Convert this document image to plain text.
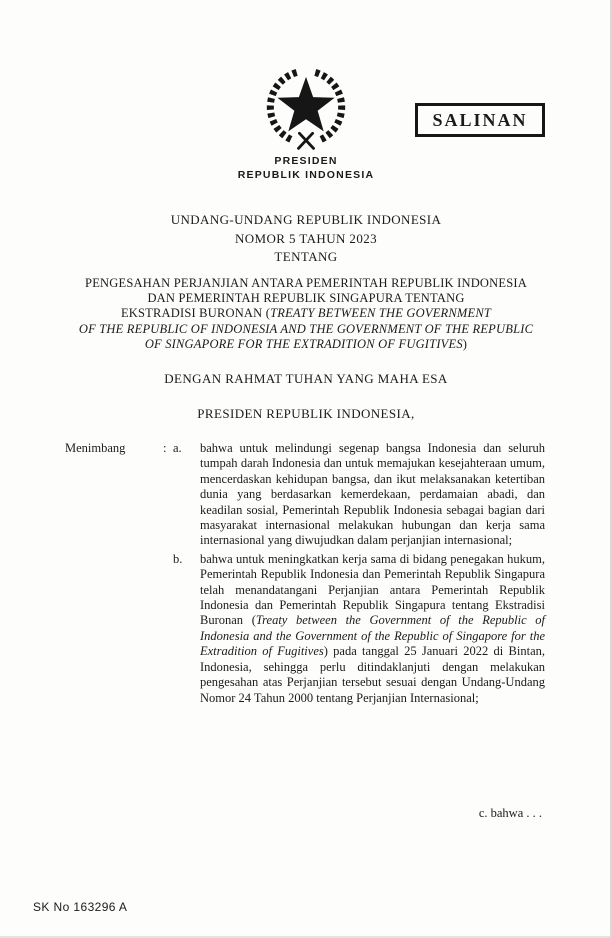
SALINAN
PRESIDEN
REPUBLIK INDONESIA
UNDANG-UNDANG REPUBLIK INDONESIA
NOMOR 5 TAHUN 2023
TENTANG
PENGESAHAN PERJANJIAN ANTARA PEMERINTAH REPUBLIK INDONESIA
DAN PEMERINTAH REPUBLIK SINGAPURA TENTANG
EKSTRADISI BURONAN (TREATY BETWEEN THE GOVERNMENT
OF THE REPUBLIC OF INDONESIA AND THE GOVERNMENT OF THE REPUBLIC
OF SINGAPORE FOR THE EXTRADITION OF FUGITIVES)
DENGAN RAHMAT TUHAN YANG MAHA ESA
PRESIDEN REPUBLIK INDONESIA,
Menimbang	: a.	bahwa untuk melindungi segenap bangsa Indonesia dan seluruh tumpah darah Indonesia dan untuk memajukan kesejahteraan umum, mencerdaskan kehidupan bangsa, dan ikut melaksanakan ketertiban dunia yang berdasarkan kemerdekaan, perdamaian abadi, dan keadilan sosial, Pemerintah Republik Indonesia sebagai bagian dari masyarakat internasional melakukan hubungan dan kerja sama internasional yang diwujudkan dalam perjanjian internasional;
b.	bahwa untuk meningkatkan kerja sama di bidang penegakan hukum, Pemerintah Republik Indonesia dan Pemerintah Republik Singapura telah menandatangani Perjanjian antara Pemerintah Republik Indonesia dan Pemerintah Republik Singapura tentang Ekstradisi Buronan (Treaty between the Government of the Republic of Indonesia and the Government of the Republic of Singapore for the Extradition of Fugitives) pada tanggal 25 Januari 2022 di Bintan, Indonesia, sehingga perlu ditindaklanjuti dengan melakukan pengesahan atas Perjanjian tersebut sesuai dengan Undang-Undang Nomor 24 Tahun 2000 tentang Perjanjian Internasional;
c. bahwa . . .
SK No 163296 A
